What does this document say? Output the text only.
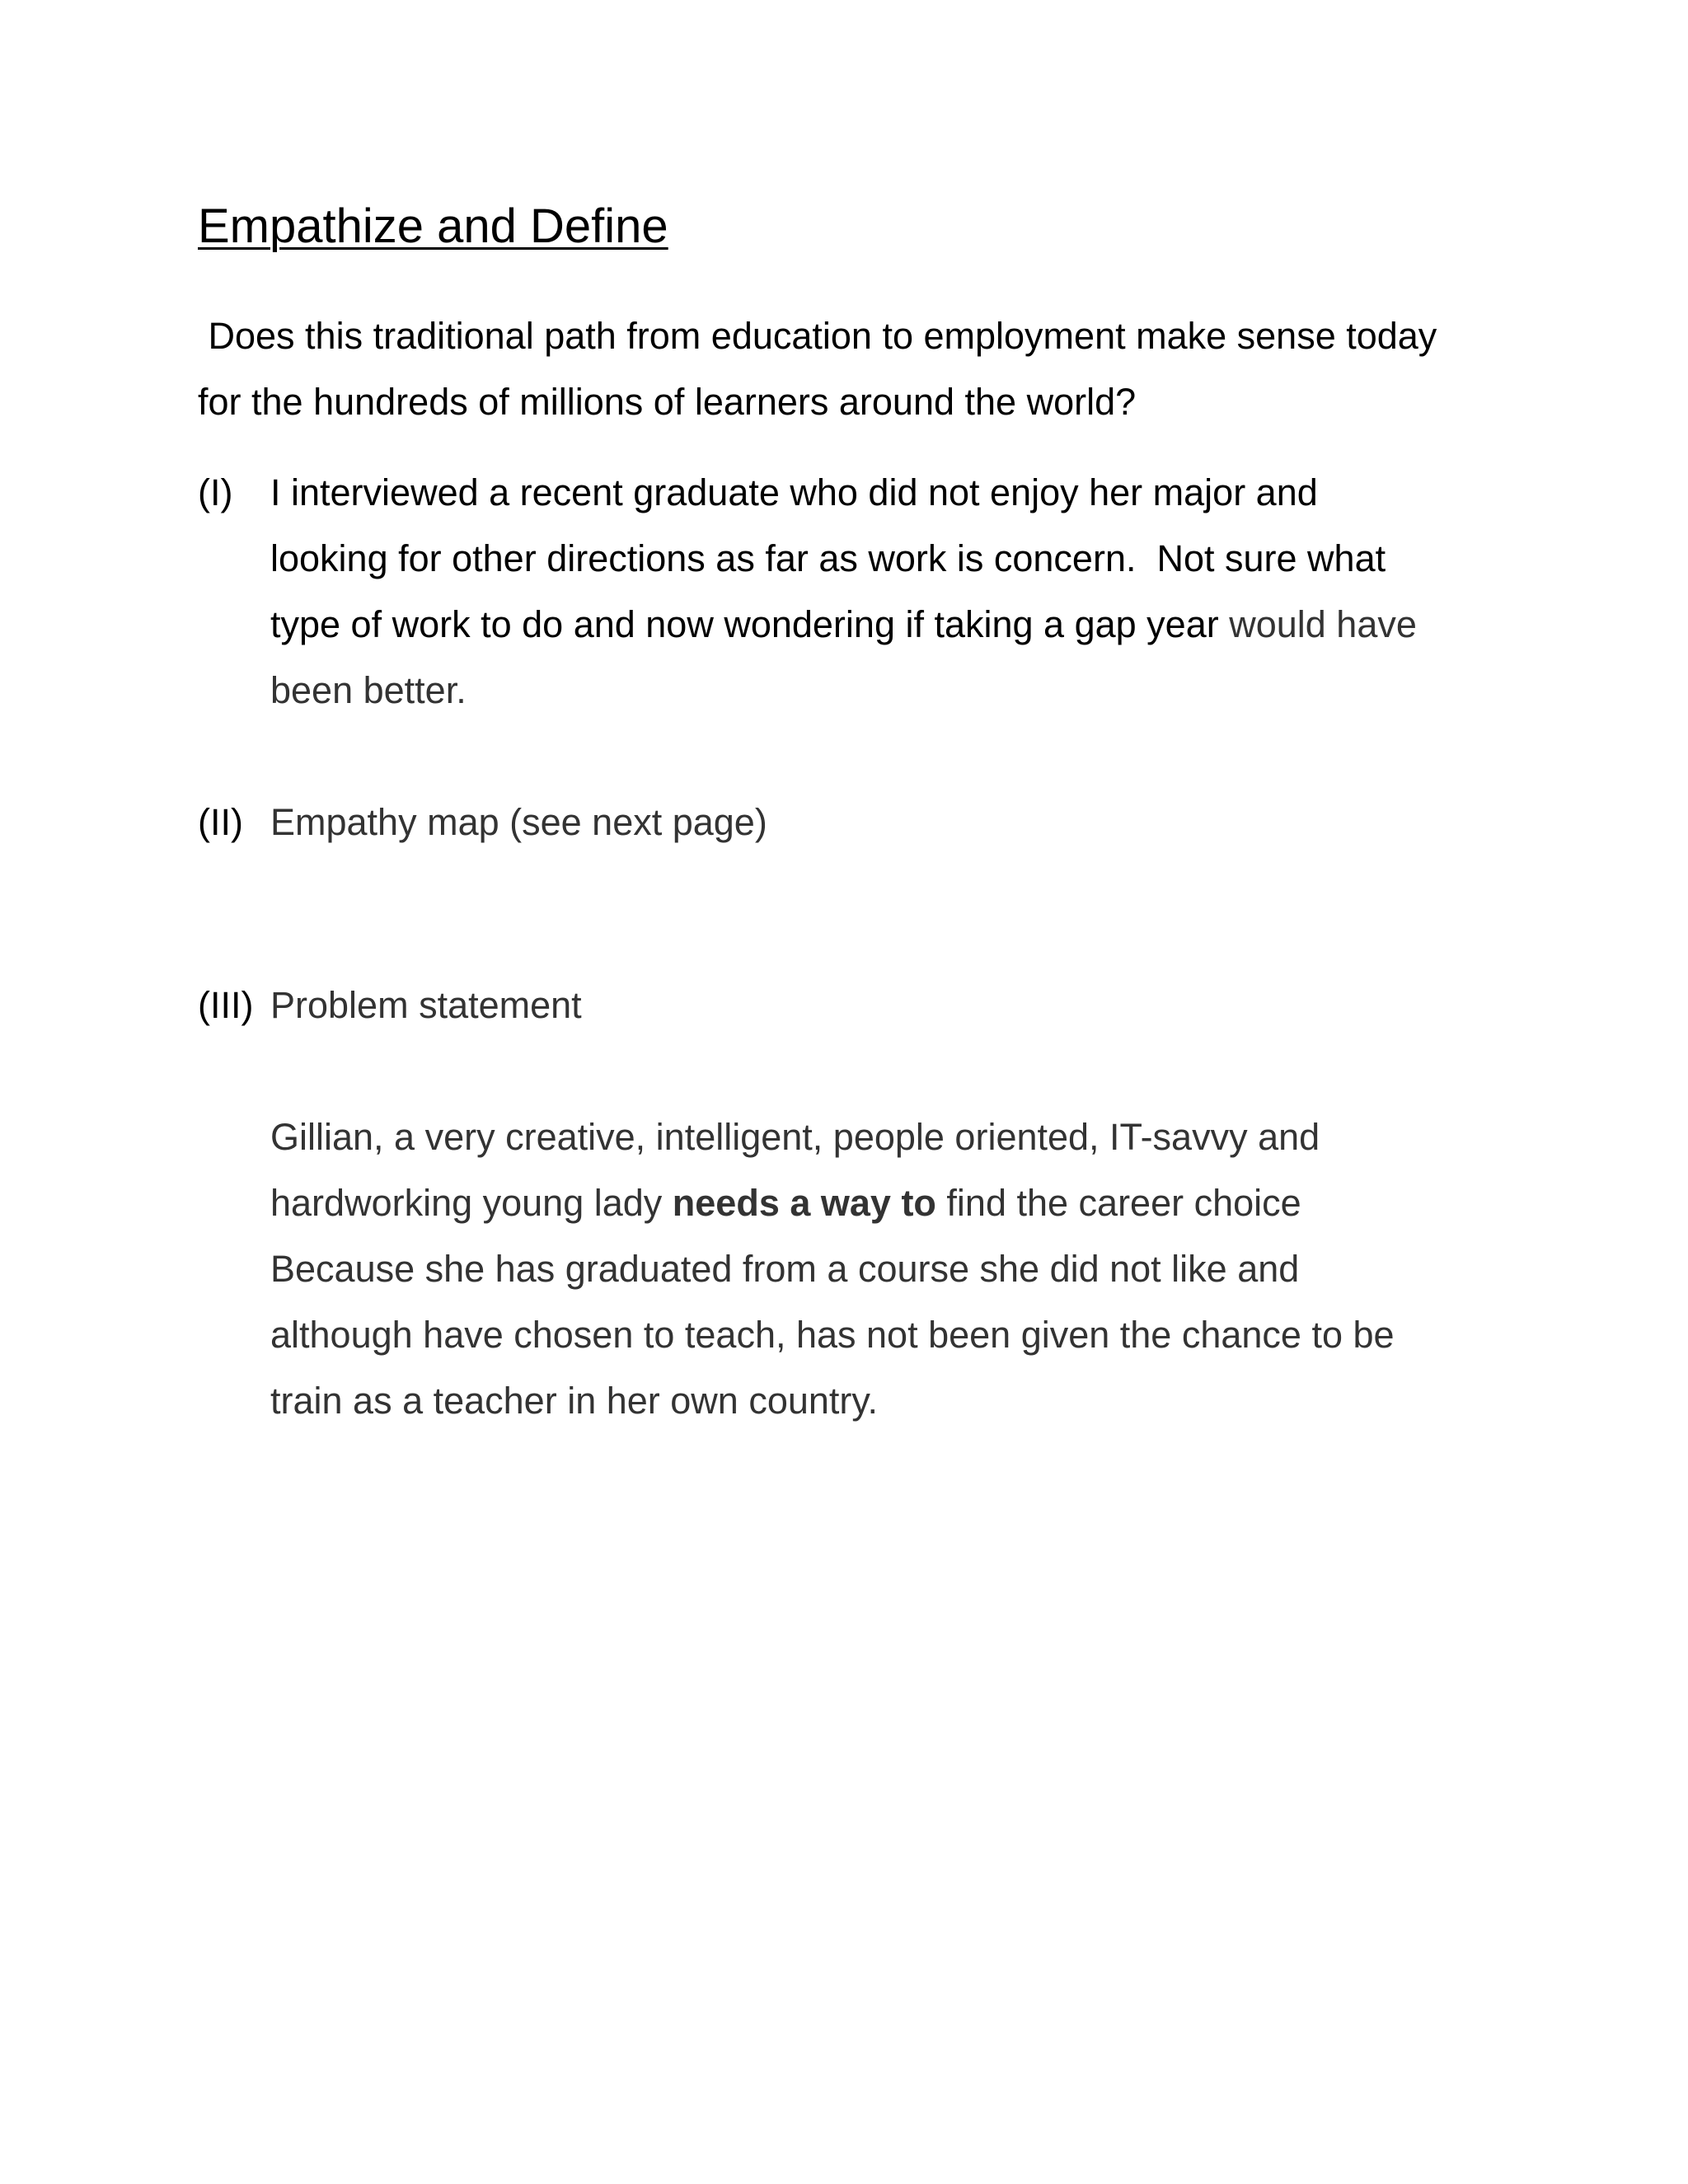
Empathize and Define

Does this traditional path from education to employment make sense today
for the hundreds of millions of learners around the world?

(I) I interviewed a recent graduate who did not enjoy her major and
looking for other directions as far as work is concern.  Not sure what
type of work to do and now wondering if taking a gap year would have
been better.
(II) Empathy map (see next page)
(III) Problem statement

Gillian, a very creative, intelligent, people oriented, IT-savvy and
hardworking young lady needs a way to find the career choice
Because she has graduated from a course she did not like and
although have chosen to teach, has not been given the chance to be
train as a teacher in her own country.
